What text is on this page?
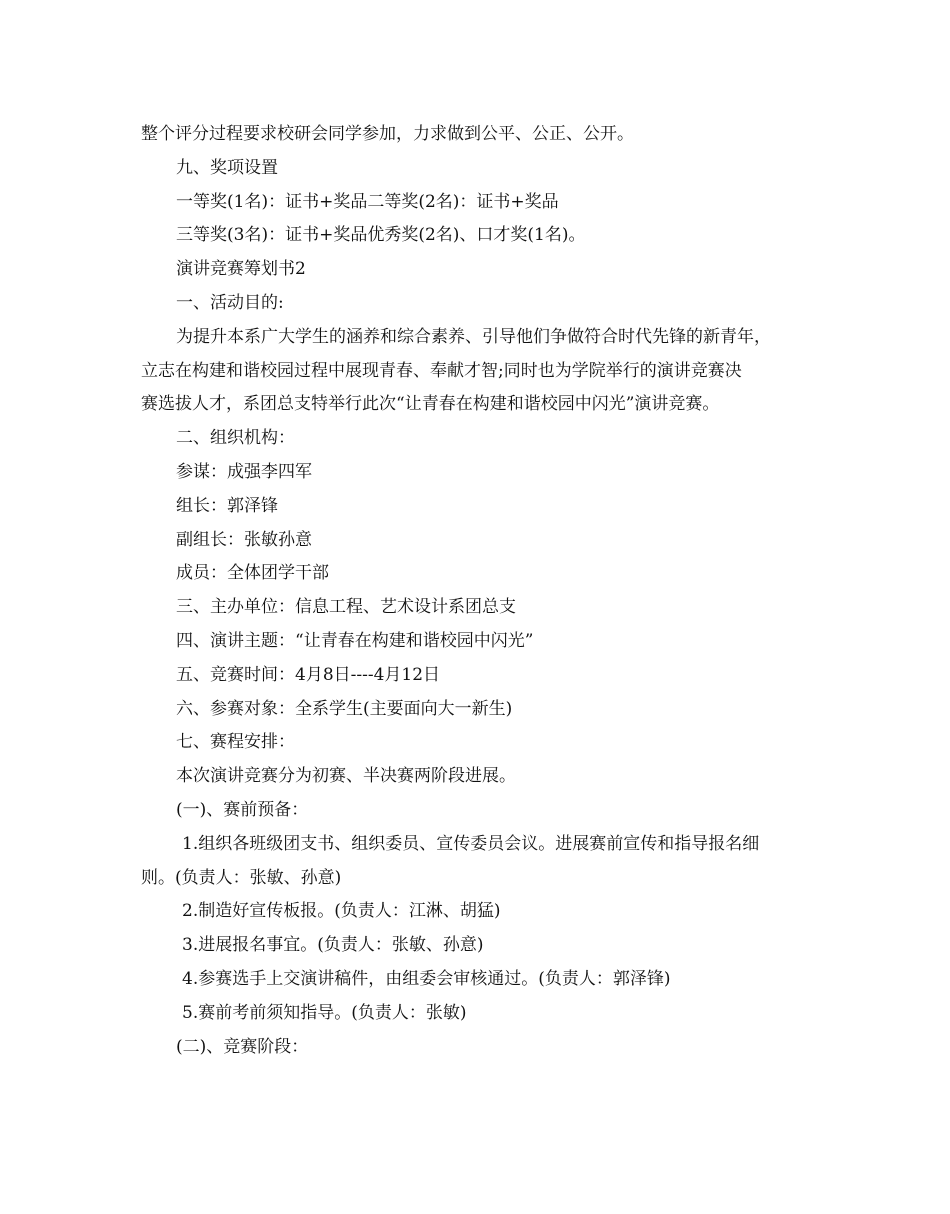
整个评分过程要求校研会同学参加，力求做到公平、公正、公开。
九、奖项设置
一等奖(1名)：证书+奖品二等奖(2名)：证书+奖品
三等奖(3名)：证书+奖品优秀奖(2名)、口才奖(1名)。
演讲竞赛筹划书2
一、活动目的:
为提升本系广大学生的涵养和综合素养、引导他们争做符合时代先锋的新青年，
立志在构建和谐校园过程中展现青春、奉献才智;同时也为学院举行的演讲竞赛决
赛选拔人才，系团总支特举行此次“让青春在构建和谐校园中闪光”演讲竞赛。
二、组织机构：
参谋：成强李四军
组长：郭泽锋
副组长：张敏孙意
成员：全体团学干部
三、主办单位：信息工程、艺术设计系团总支
四、演讲主题：“让青春在构建和谐校园中闪光”
五、竞赛时间：4月8日----4月12日
六、参赛对象：全系学生(主要面向大一新生)
七、赛程安排：
本次演讲竞赛分为初赛、半决赛两阶段进展。
(一)、赛前预备：
1.组织各班级团支书、组织委员、宣传委员会议。进展赛前宣传和指导报名细
则。(负责人：张敏、孙意)
2.制造好宣传板报。(负责人：江淋、胡猛)
3.进展报名事宜。(负责人：张敏、孙意)
4.参赛选手上交演讲稿件，由组委会审核通过。(负责人：郭泽锋)
5.赛前考前须知指导。(负责人：张敏)
(二)、竞赛阶段：
